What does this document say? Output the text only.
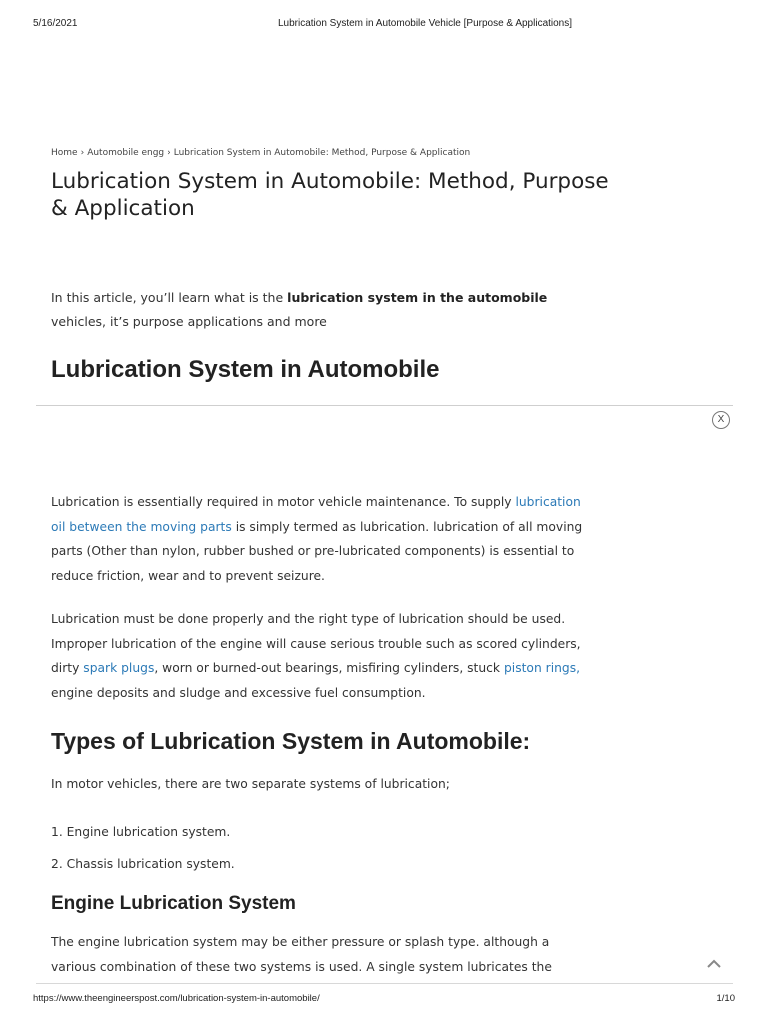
5/16/2021	Lubrication System in Automobile Vehicle [Purpose & Applications]
Home › Automobile engg › Lubrication System in Automobile: Method, Purpose & Application
Lubrication System in Automobile: Method, Purpose & Application

In this article, you’ll learn what is the lubrication system in the automobile vehicles, it’s purpose applications and more

Lubrication System in Automobile
X

Lubrication is essentially required in motor vehicle maintenance. To supply lubrication oil between the moving parts is simply termed as lubrication. lubrication of all moving parts (Other than nylon, rubber bushed or pre-lubricated components) is essential to reduce friction, wear and to prevent seizure.

Lubrication must be done properly and the right type of lubrication should be used. Improper lubrication of the engine will cause serious trouble such as scored cylinders, dirty spark plugs, worn or burned-out bearings, misfiring cylinders, stuck piston rings, engine deposits and sludge and excessive fuel consumption.

Types of Lubrication System in Automobile:

In motor vehicles, there are two separate systems of lubrication;

1. Engine lubrication system.
2. Chassis lubrication system.
Engine Lubrication System

The engine lubrication system may be either pressure or splash type. although a various combination of these two systems is used. A single system lubricates the

https://www.theengineerspost.com/lubrication-system-in-automobile/	1/10
